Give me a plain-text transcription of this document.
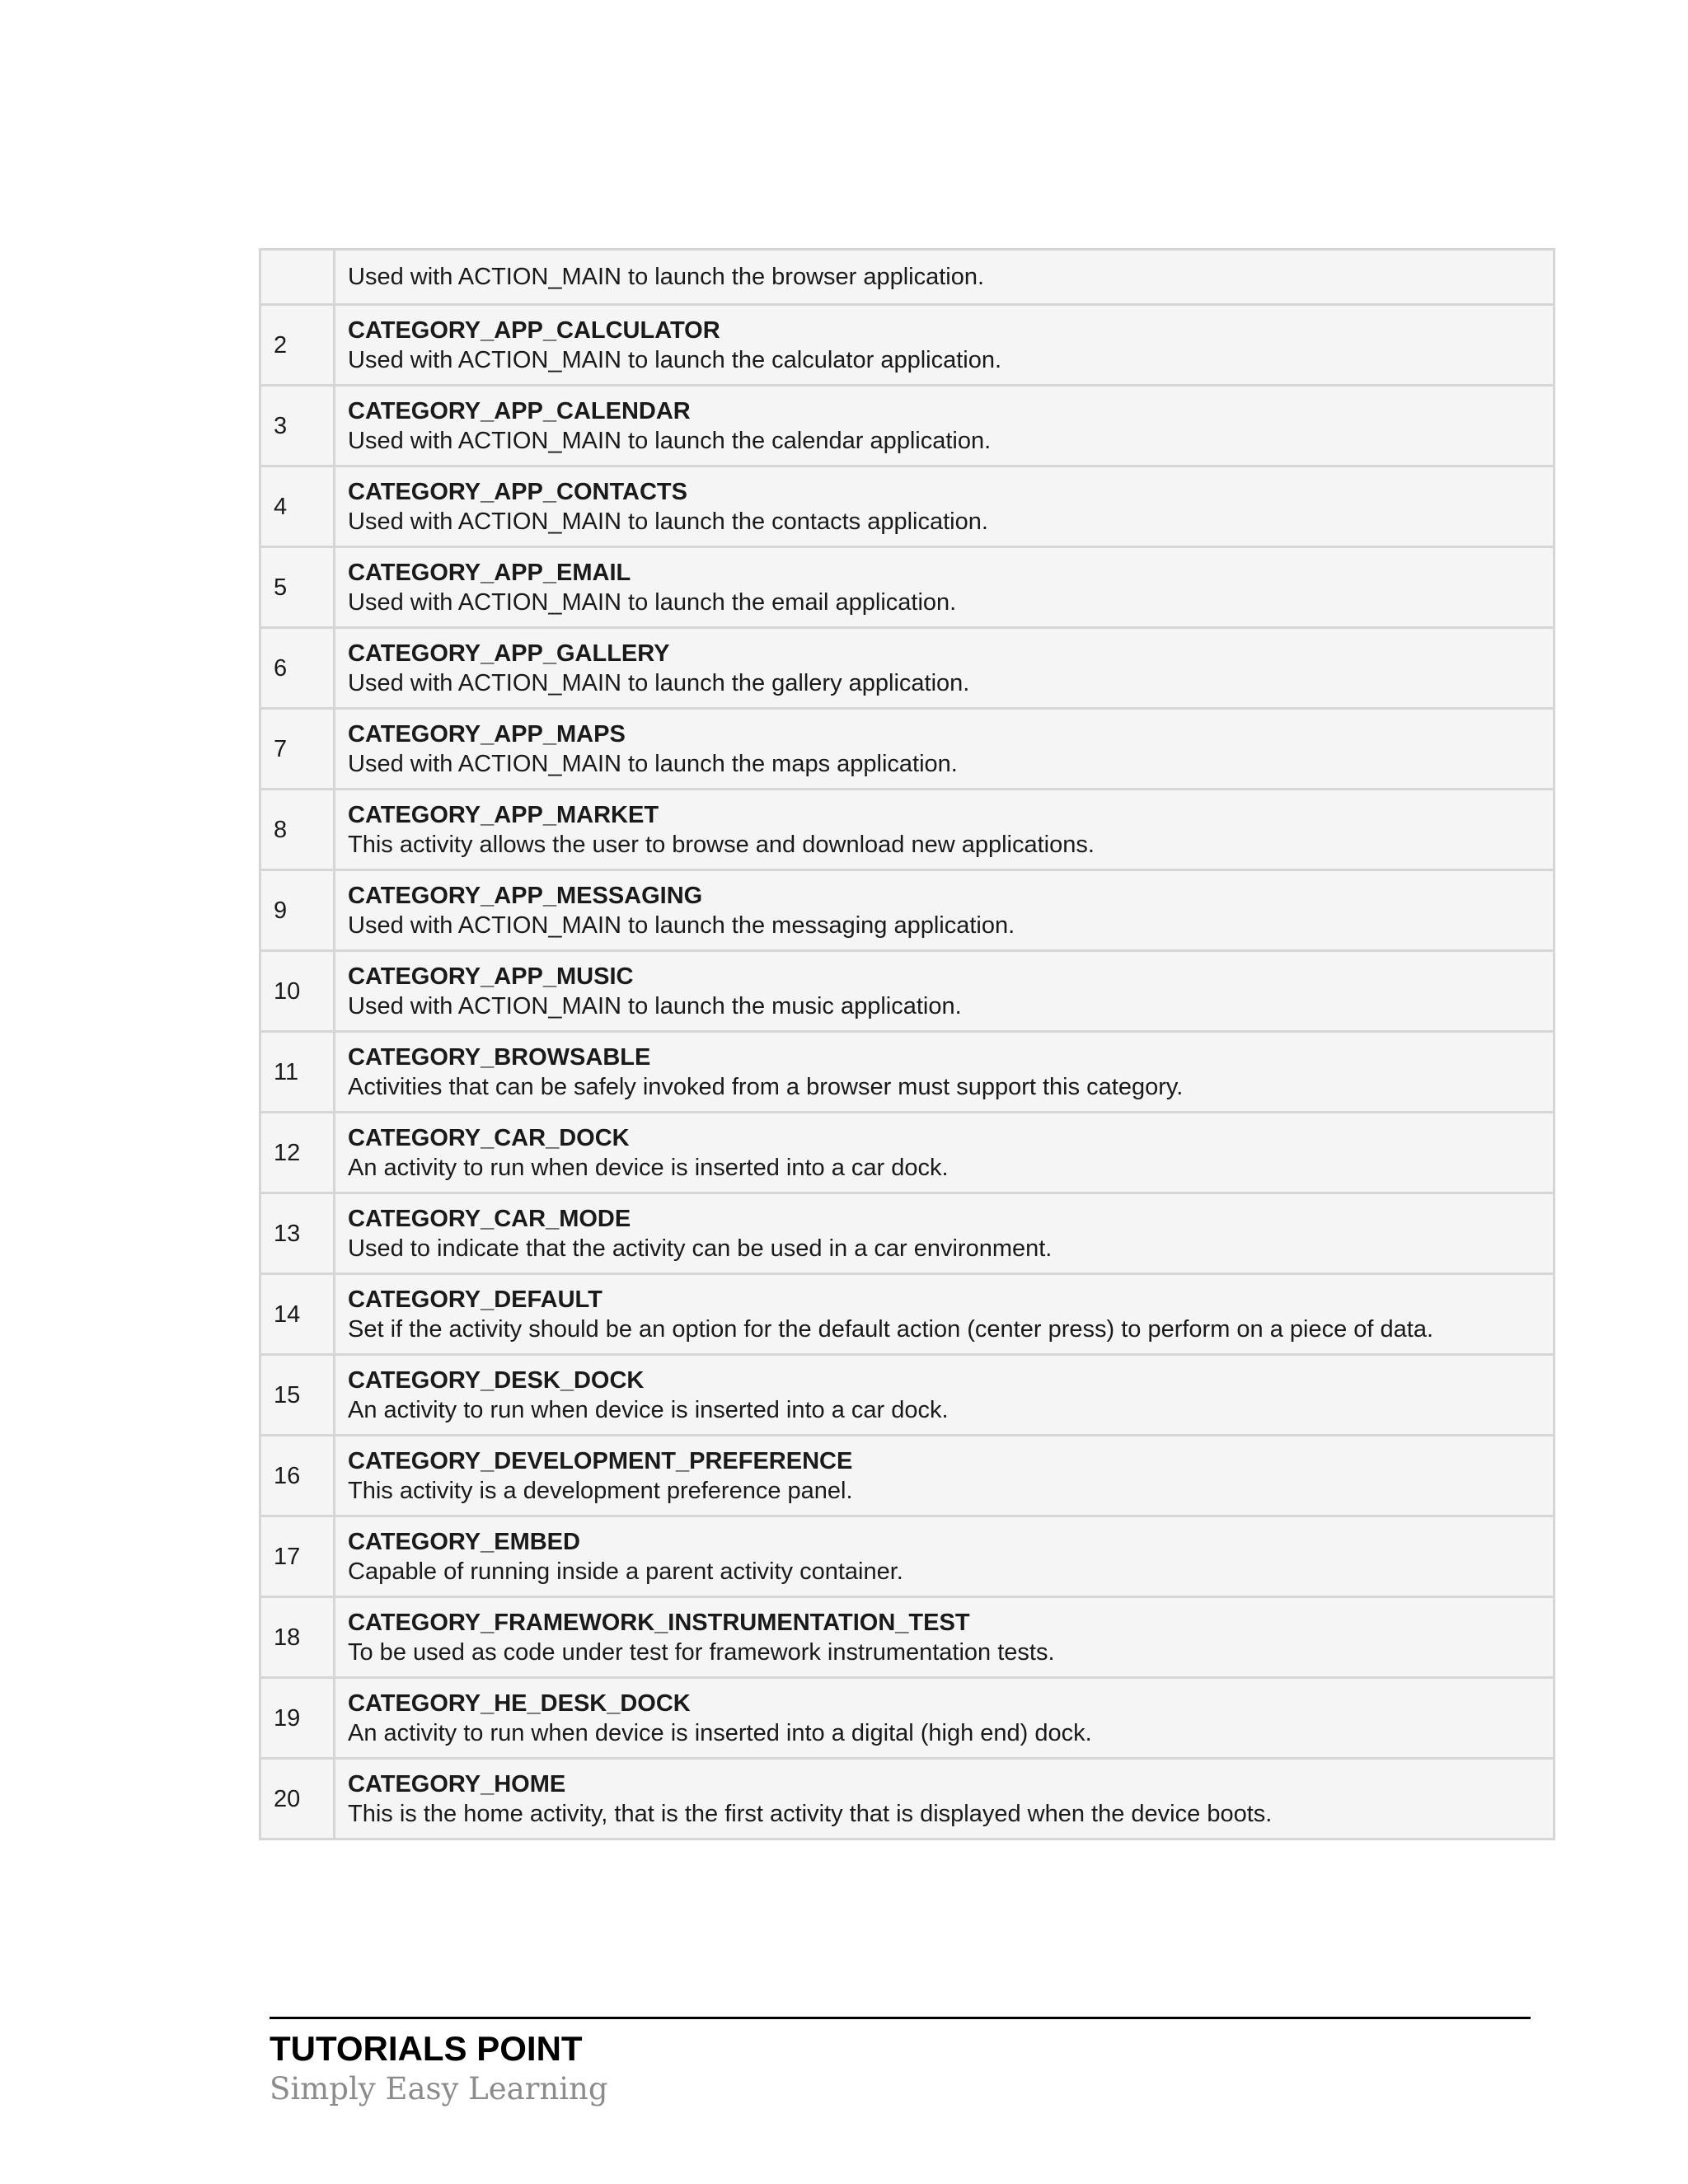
	Used with ACTION_MAIN to launch the browser application.

2	CATEGORY_APP_CALCULATOR
Used with ACTION_MAIN to launch the calculator application.

3	CATEGORY_APP_CALENDAR
Used with ACTION_MAIN to launch the calendar application.

4	CATEGORY_APP_CONTACTS
Used with ACTION_MAIN to launch the contacts application.

5	CATEGORY_APP_EMAIL
Used with ACTION_MAIN to launch the email application.

6	CATEGORY_APP_GALLERY
Used with ACTION_MAIN to launch the gallery application.

7	CATEGORY_APP_MAPS
Used with ACTION_MAIN to launch the maps application.

8	CATEGORY_APP_MARKET
This activity allows the user to browse and download new applications.

9	CATEGORY_APP_MESSAGING
Used with ACTION_MAIN to launch the messaging application.

10	CATEGORY_APP_MUSIC
Used with ACTION_MAIN to launch the music application.

11	CATEGORY_BROWSABLE
Activities that can be safely invoked from a browser must support this category.

12	CATEGORY_CAR_DOCK
An activity to run when device is inserted into a car dock.

13	CATEGORY_CAR_MODE
Used to indicate that the activity can be used in a car environment.

14	CATEGORY_DEFAULT
Set if the activity should be an option for the default action (center press) to perform on a piece of data.

15	CATEGORY_DESK_DOCK
An activity to run when device is inserted into a car dock.

16	CATEGORY_DEVELOPMENT_PREFERENCE
This activity is a development preference panel.

17	CATEGORY_EMBED
Capable of running inside a parent activity container.

18	CATEGORY_FRAMEWORK_INSTRUMENTATION_TEST
To be used as code under test for framework instrumentation tests.

19	CATEGORY_HE_DESK_DOCK
An activity to run when device is inserted into a digital (high end) dock.

20	CATEGORY_HOME
This is the home activity, that is the first activity that is displayed when the device boots.
TUTORIALS POINT
Simply Easy Learning
